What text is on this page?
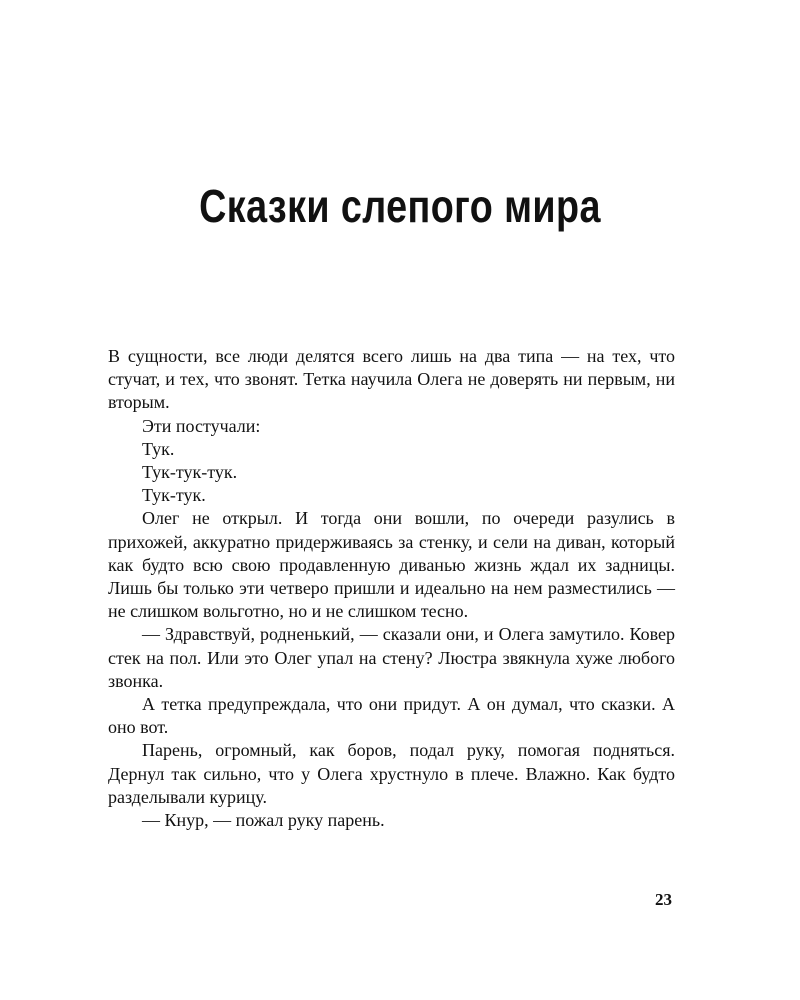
Сказки слепого мира

В сущности, все люди делятся всего лишь на два типа — на тех, что стучат, и тех, что звонят. Тетка научила Олега не доверять ни первым, ни вторым.

Эти постучали:

Тук.

Тук-тук-тук.

Тук-тук.

Олег не открыл. И тогда они вошли, по очереди разулись в прихожей, аккуратно придерживаясь за стенку, и сели на диван, который как будто всю свою продавленную диванью жизнь ждал их задницы. Лишь бы только эти четверо пришли и идеально на нем разместились — не слишком вольготно, но и не слишком тесно.

— Здравствуй, родненький, — сказали они, и Олега замутило. Ковер стек на пол. Или это Олег упал на стену? Люстра звякнула хуже любого звонка.

А тетка предупреждала, что они придут. А он думал, что сказки. А оно вот.

Парень, огромный, как боров, подал руку, помогая подняться. Дернул так сильно, что у Олега хрустнуло в плече. Влажно. Как будто разделывали курицу.

— Кнур, — пожал руку парень.

23
